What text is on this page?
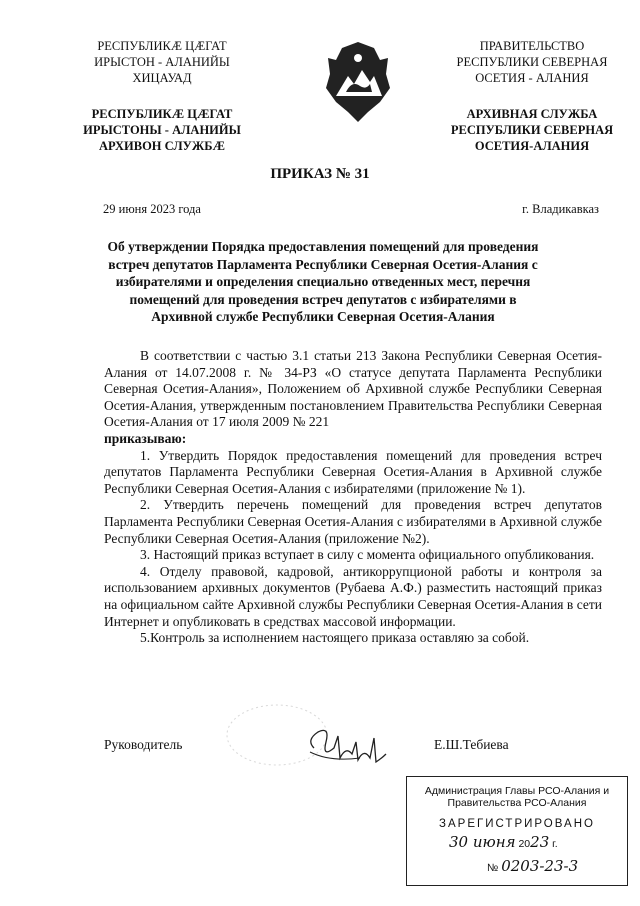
РЕСПУБЛИКӔ ЦӔГАТ
ИРЫСТОН - АЛАНИЙЫ
ХИЦАУАД
РЕСПУБЛИКӔ ЦӔГАТ
ИРЫСТОНЫ - АЛАНИЙЫ
АРХИВОН СЛУЖБӔ
ПРАВИТЕЛЬСТВО
РЕСПУБЛИКИ СЕВЕРНАЯ
ОСЕТИЯ - АЛАНИЯ
АРХИВНАЯ СЛУЖБА
РЕСПУБЛИКИ СЕВЕРНАЯ
ОСЕТИЯ-АЛАНИЯ
ПРИКАЗ № 31
29 июня 2023 года	г. Владикавказ
Об утверждении Порядка предоставления помещений для проведения
встреч депутатов Парламента Республики Северная Осетия-Алания с
избирателями и определения специально отведенных мест, перечня
помещений для проведения встреч депутатов с избирателями в
Архивной службе Республики Северная Осетия-Алания

В соответствии с частью 3.1 статьи 213 Закона Республики Северная Осетия-Алания от 14.07.2008 г. № 34-РЗ «О статусе депутата Парламента Республики Северная Осетия-Алания», Положением об Архивной службе Республики Северная Осетия-Алания, утвержденным постановлением Правительства Республики Северная Осетия-Алания от 17 июля 2009 № 221

приказываю:

1. Утвердить Порядок предоставления помещений для проведения встреч депутатов Парламента Республики Северная Осетия-Алания в Архивной службе Республики Северная Осетия-Алания с избирателями (приложение № 1).

2. Утвердить перечень помещений для проведения встреч депутатов Парламента Республики Северная Осетия-Алания с избирателями в Архивной службе Республики Северная Осетия-Алания (приложение №2).

3. Настоящий приказ вступает в силу с момента официального опубликования.

4. Отделу правовой, кадровой, антикоррупционой работы и контроля за использованием архивных документов (Рубаева А.Ф.) разместить настоящий приказ на официальном сайте Архивной службы Республики Северная Осетия-Алания в сети Интернет и опубликовать в средствах массовой информации.

5.Контроль за исполнением настоящего приказа оставляю за собой.

Руководитель	Е.Ш.Тебиева
Администрация Главы РСО-Алания и
Правительства РСО-Алания
ЗАРЕГИСТРИРОВАНО
30 июня 2023 г.
№ 0203-23-3
